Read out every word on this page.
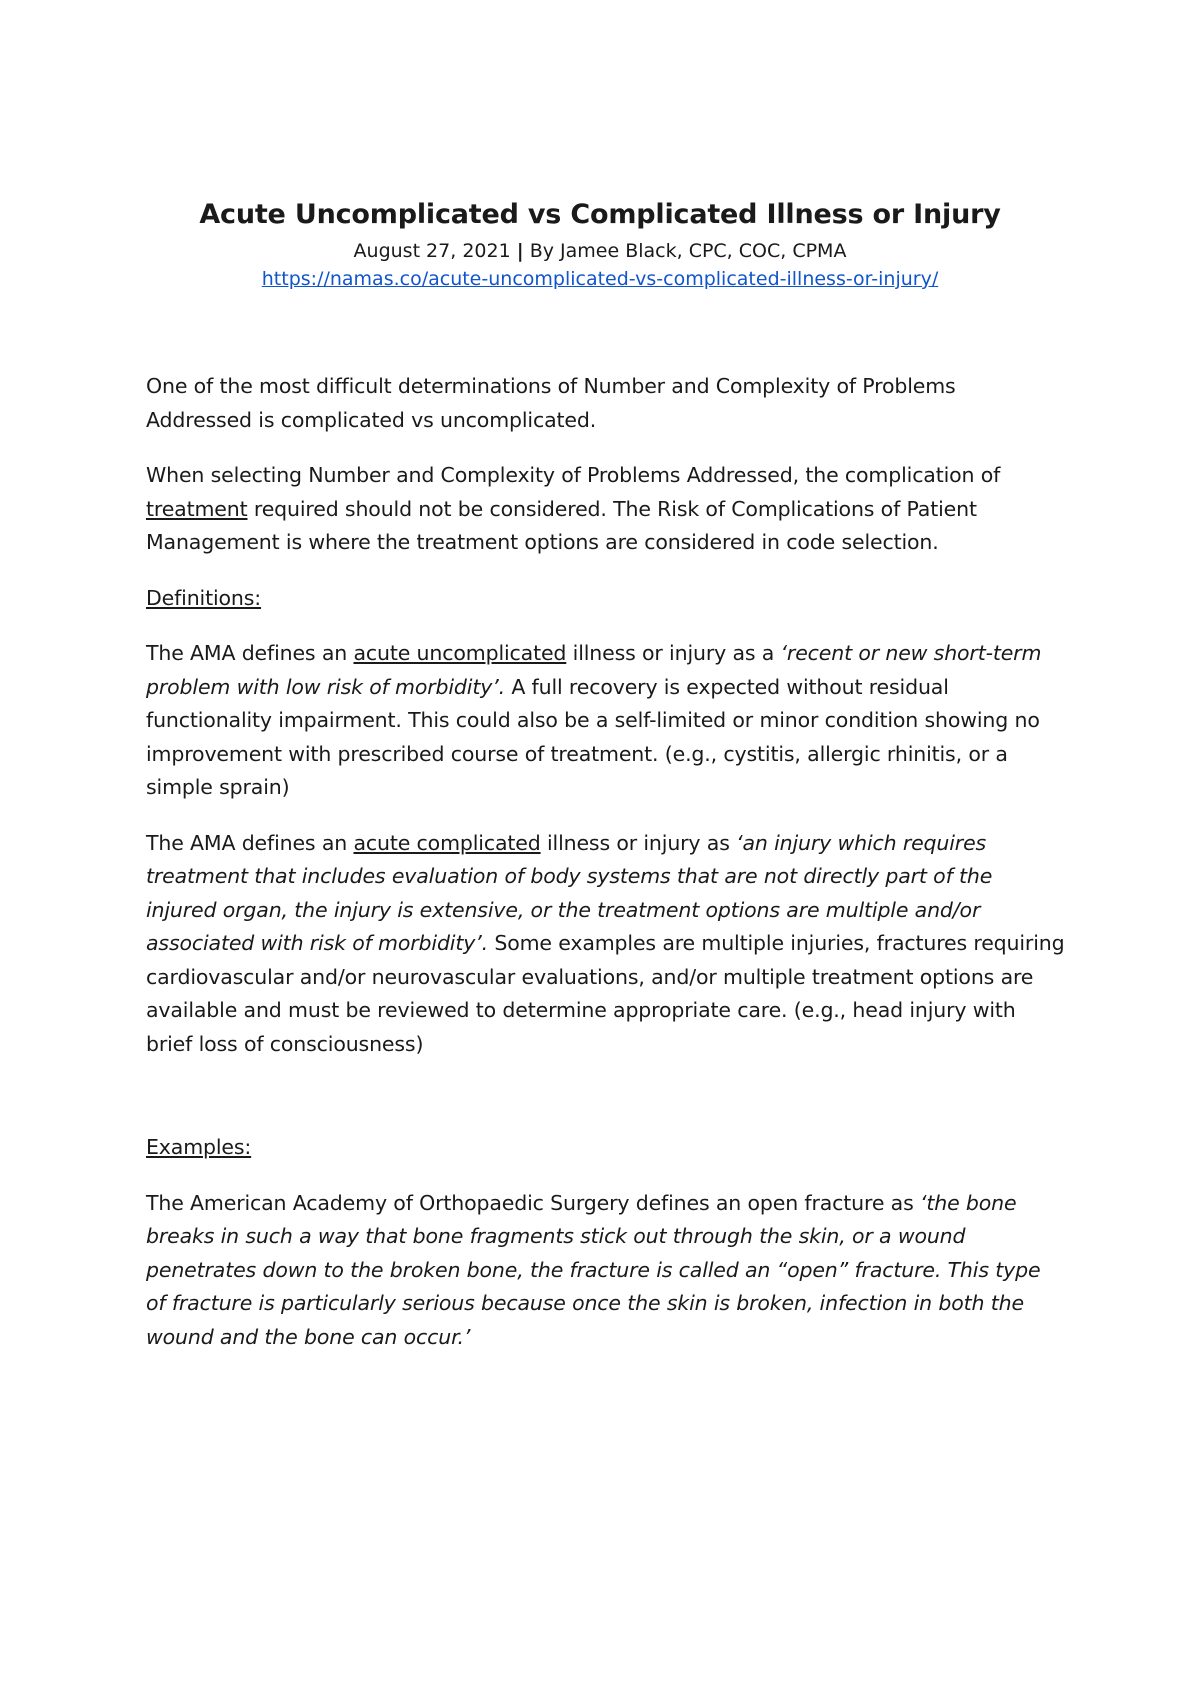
Acute Uncomplicated vs Complicated Illness or Injury
August 27, 2021 | By Jamee Black, CPC, COC, CPMA
https://namas.co/acute-uncomplicated-vs-complicated-illness-or-injury/

One of the most difficult determinations of Number and Complexity of Problems Addressed is complicated vs uncomplicated.

When selecting Number and Complexity of Problems Addressed, the complication of treatment required should not be considered. The Risk of Complications of Patient Management is where the treatment options are considered in code selection.

Definitions:

The AMA defines an acute uncomplicated illness or injury as a ‘recent or new short-term problem with low risk of morbidity’. A full recovery is expected without residual functionality impairment. This could also be a self-limited or minor condition showing no improvement with prescribed course of treatment. (e.g., cystitis, allergic rhinitis, or a simple sprain)

The AMA defines an acute complicated illness or injury as ‘an injury which requires treatment that includes evaluation of body systems that are not directly part of the injured organ, the injury is extensive, or the treatment options are multiple and/or associated with risk of morbidity’. Some examples are multiple injuries, fractures requiring cardiovascular and/or neurovascular evaluations, and/or multiple treatment options are available and must be reviewed to determine appropriate care. (e.g., head injury with brief loss of consciousness)

Examples:

The American Academy of Orthopaedic Surgery defines an open fracture as ‘the bone breaks in such a way that bone fragments stick out through the skin, or a wound penetrates down to the broken bone, the fracture is called an “open” fracture. This type of fracture is particularly serious because once the skin is broken, infection in both the wound and the bone can occur.’
